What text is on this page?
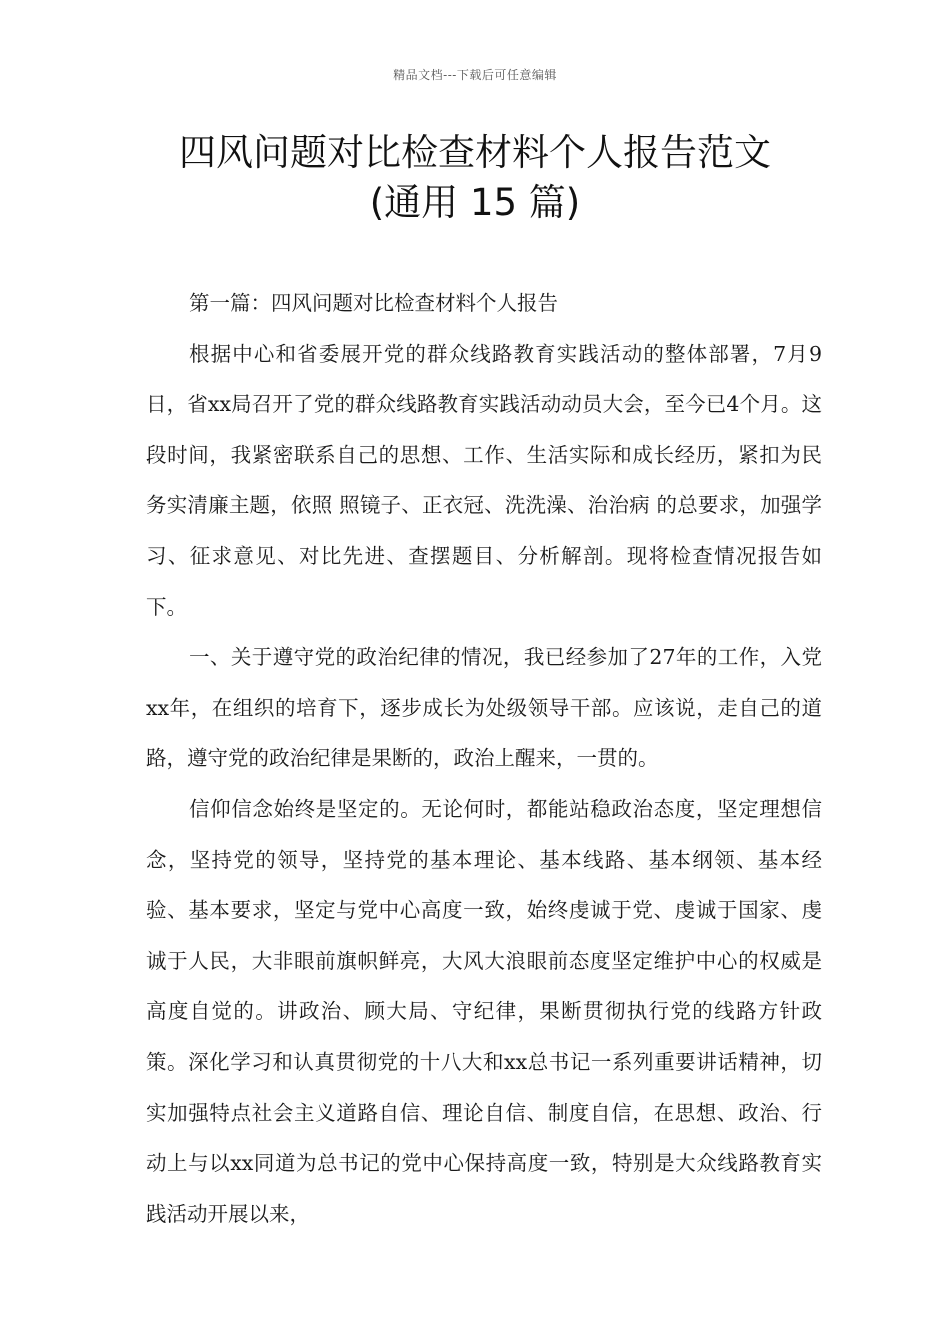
精品文档---下载后可任意编辑
四风问题对比检查材料个人报告范文
(通用 15 篇)

第一篇：四风问题对比检查材料个人报告

根据中心和省委展开党的群众线路教育实践活动的整体部署，7月9日，省xx局召开了党的群众线路教育实践活动动员大会，至今已4个月。这段时间，我紧密联系自己的思想、工作、生活实际和成长经历，紧扣为民务实清廉主题，依照 照镜子、正衣冠、洗洗澡、治治病 的总要求，加强学习、征求意见、对比先进、查摆题目、分析解剖。现将检查情况报告如下。

一、关于遵守党的政治纪律的情况，我已经参加了27年的工作，入党xx年，在组织的培育下，逐步成长为处级领导干部。应该说，走自己的道路，遵守党的政治纪律是果断的，政治上醒来，一贯的。

信仰信念始终是坚定的。无论何时，都能站稳政治态度，坚定理想信念，坚持党的领导，坚持党的基本理论、基本线路、基本纲领、基本经验、基本要求，坚定与党中心高度一致，始终虔诚于党、虔诚于国家、虔诚于人民，大非眼前旗帜鲜亮，大风大浪眼前态度坚定维护中心的权威是高度自觉的。讲政治、顾大局、守纪律，果断贯彻执行党的线路方针政策。深化学习和认真贯彻党的十八大和xx总书记一系列重要讲话精神，切实加强特点社会主义道路自信、理论自信、制度自信，在思想、政治、行动上与以xx同道为总书记的党中心保持高度一致，特别是大众线路教育实践活动开展以来，
